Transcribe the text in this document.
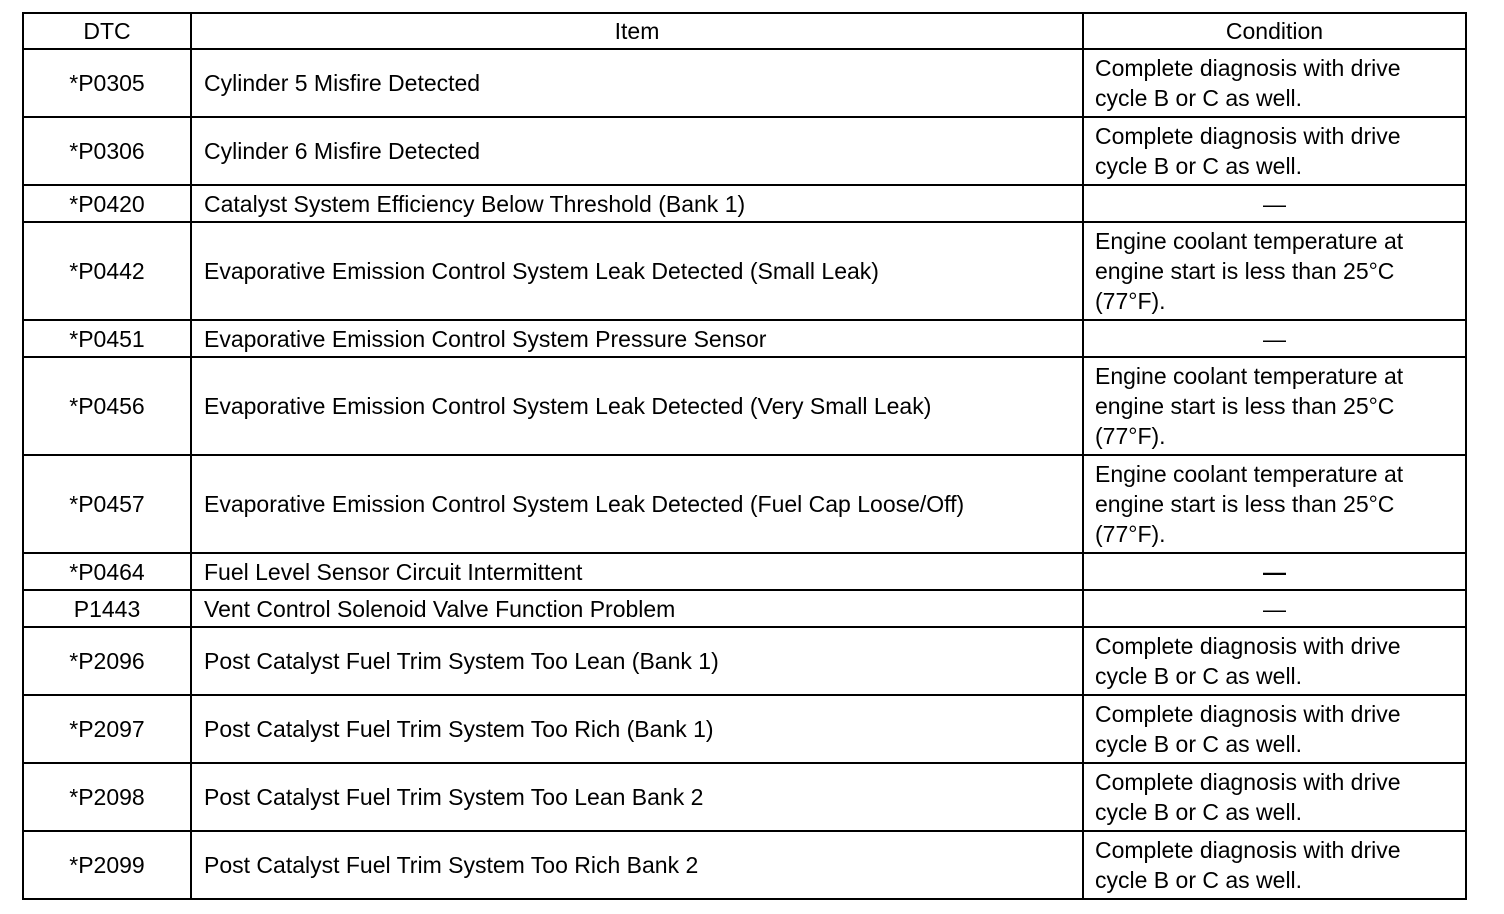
DTC	Item	Condition
*P0305	Cylinder 5 Misfire Detected	Complete diagnosis with drive
cycle B or C as well.

*P0306	Cylinder 6 Misfire Detected	Complete diagnosis with drive
cycle B or C as well.

*P0420	Catalyst System Efficiency Below Threshold (Bank 1)	—

*P0442	Evaporative Emission Control System Leak Detected (Small Leak)	Engine coolant temperature at
engine start is less than 25°C
(77°F).

*P0451	Evaporative Emission Control System Pressure Sensor	—

*P0456	Evaporative Emission Control System Leak Detected (Very Small Leak)	Engine coolant temperature at
engine start is less than 25°C
(77°F).

*P0457	Evaporative Emission Control System Leak Detected (Fuel Cap Loose/Off)	Engine coolant temperature at
engine start is less than 25°C
(77°F).

*P0464	Fuel Level Sensor Circuit Intermittent	—

P1443	Vent Control Solenoid Valve Function Problem	—

*P2096	Post Catalyst Fuel Trim System Too Lean (Bank 1)	Complete diagnosis with drive
cycle B or C as well.

*P2097	Post Catalyst Fuel Trim System Too Rich (Bank 1)	Complete diagnosis with drive
cycle B or C as well.

*P2098	Post Catalyst Fuel Trim System Too Lean Bank 2	Complete diagnosis with drive
cycle B or C as well.

*P2099	Post Catalyst Fuel Trim System Too Rich Bank 2	Complete diagnosis with drive
cycle B or C as well.
